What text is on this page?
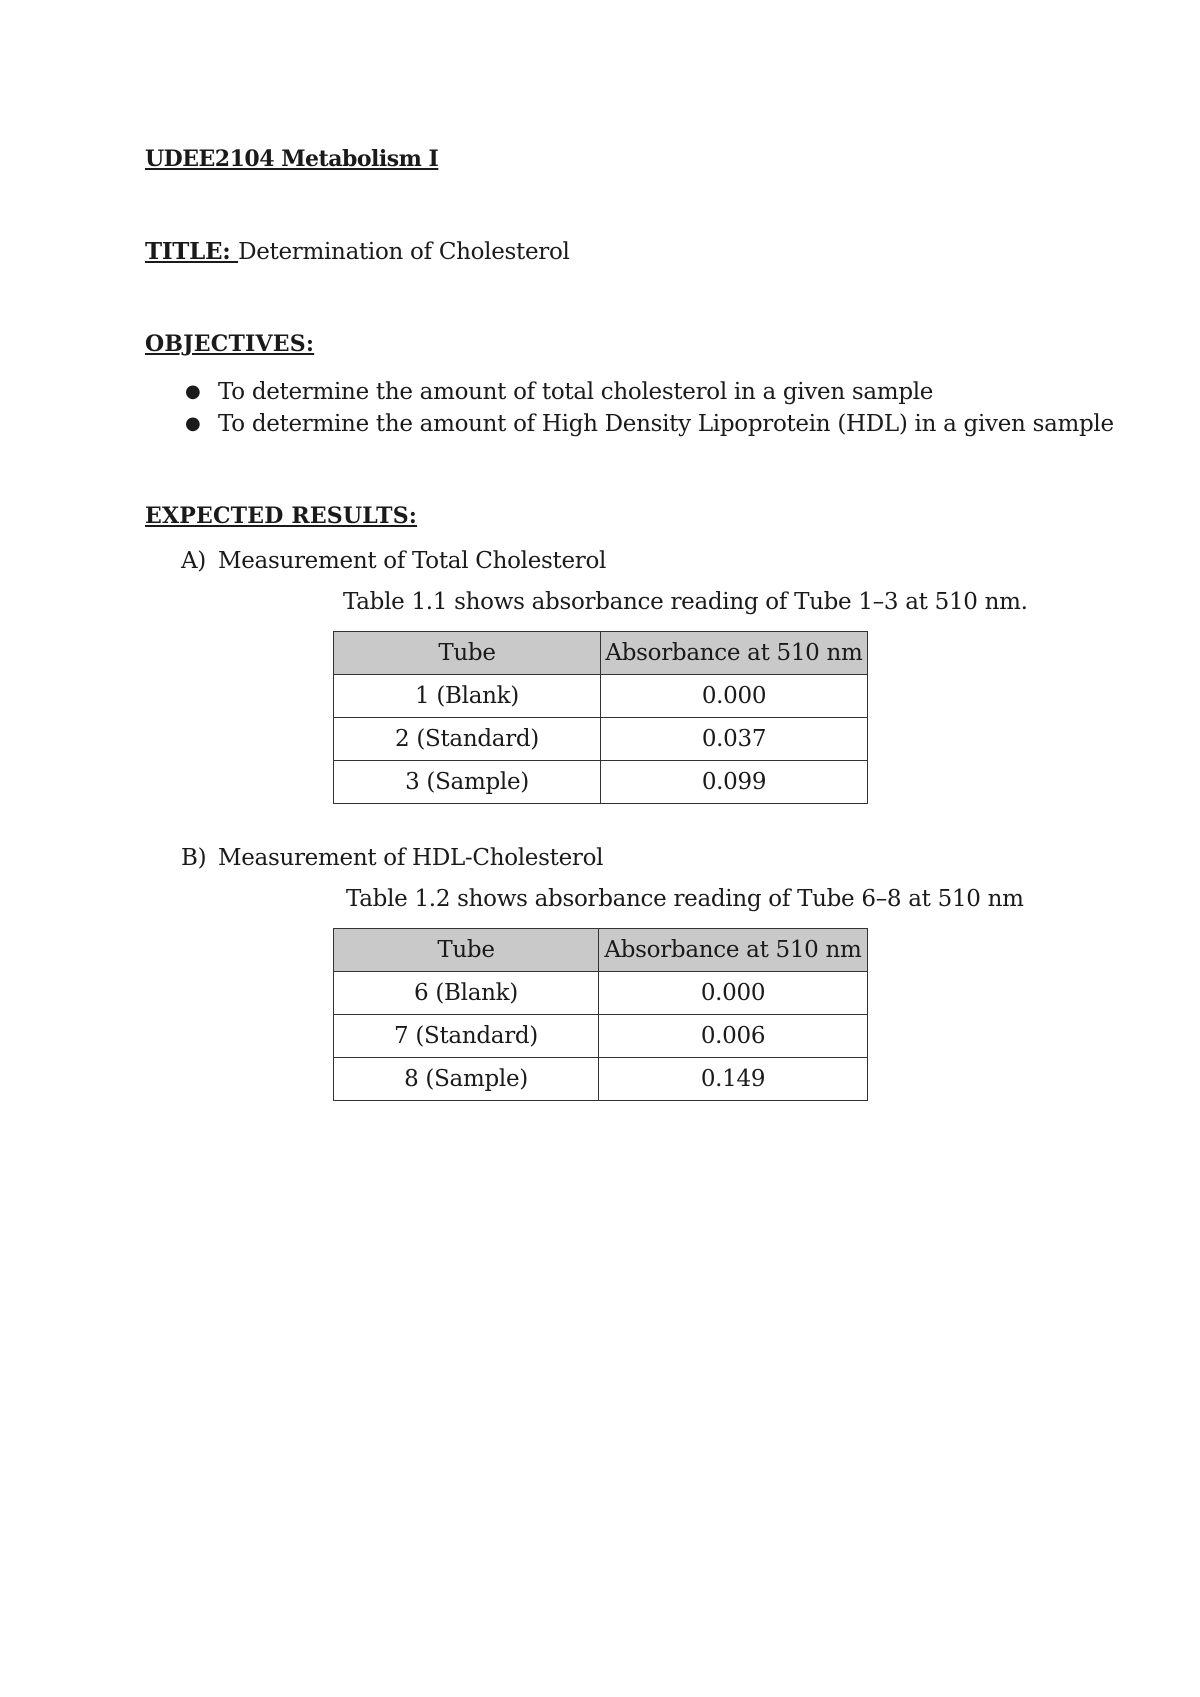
UDEE2104 Metabolism I
TITLE: Determination of Cholesterol
OBJECTIVES:
● To determine the amount of total cholesterol in a given sample
● To determine the amount of High Density Lipoprotein (HDL) in a given sample
EXPECTED RESULTS:
A) Measurement of Total Cholesterol
Table 1.1 shows absorbance reading of Tube 1–3 at 510 nm.
Tube	Absorbance at 510 nm
1 (Blank)	0.000
2 (Standard)	0.037
3 (Sample)	0.099
B) Measurement of HDL-Cholesterol
Table 1.2 shows absorbance reading of Tube 6–8 at 510 nm
Tube	Absorbance at 510 nm
6 (Blank)	0.000
7 (Standard)	0.006
8 (Sample)	0.149
